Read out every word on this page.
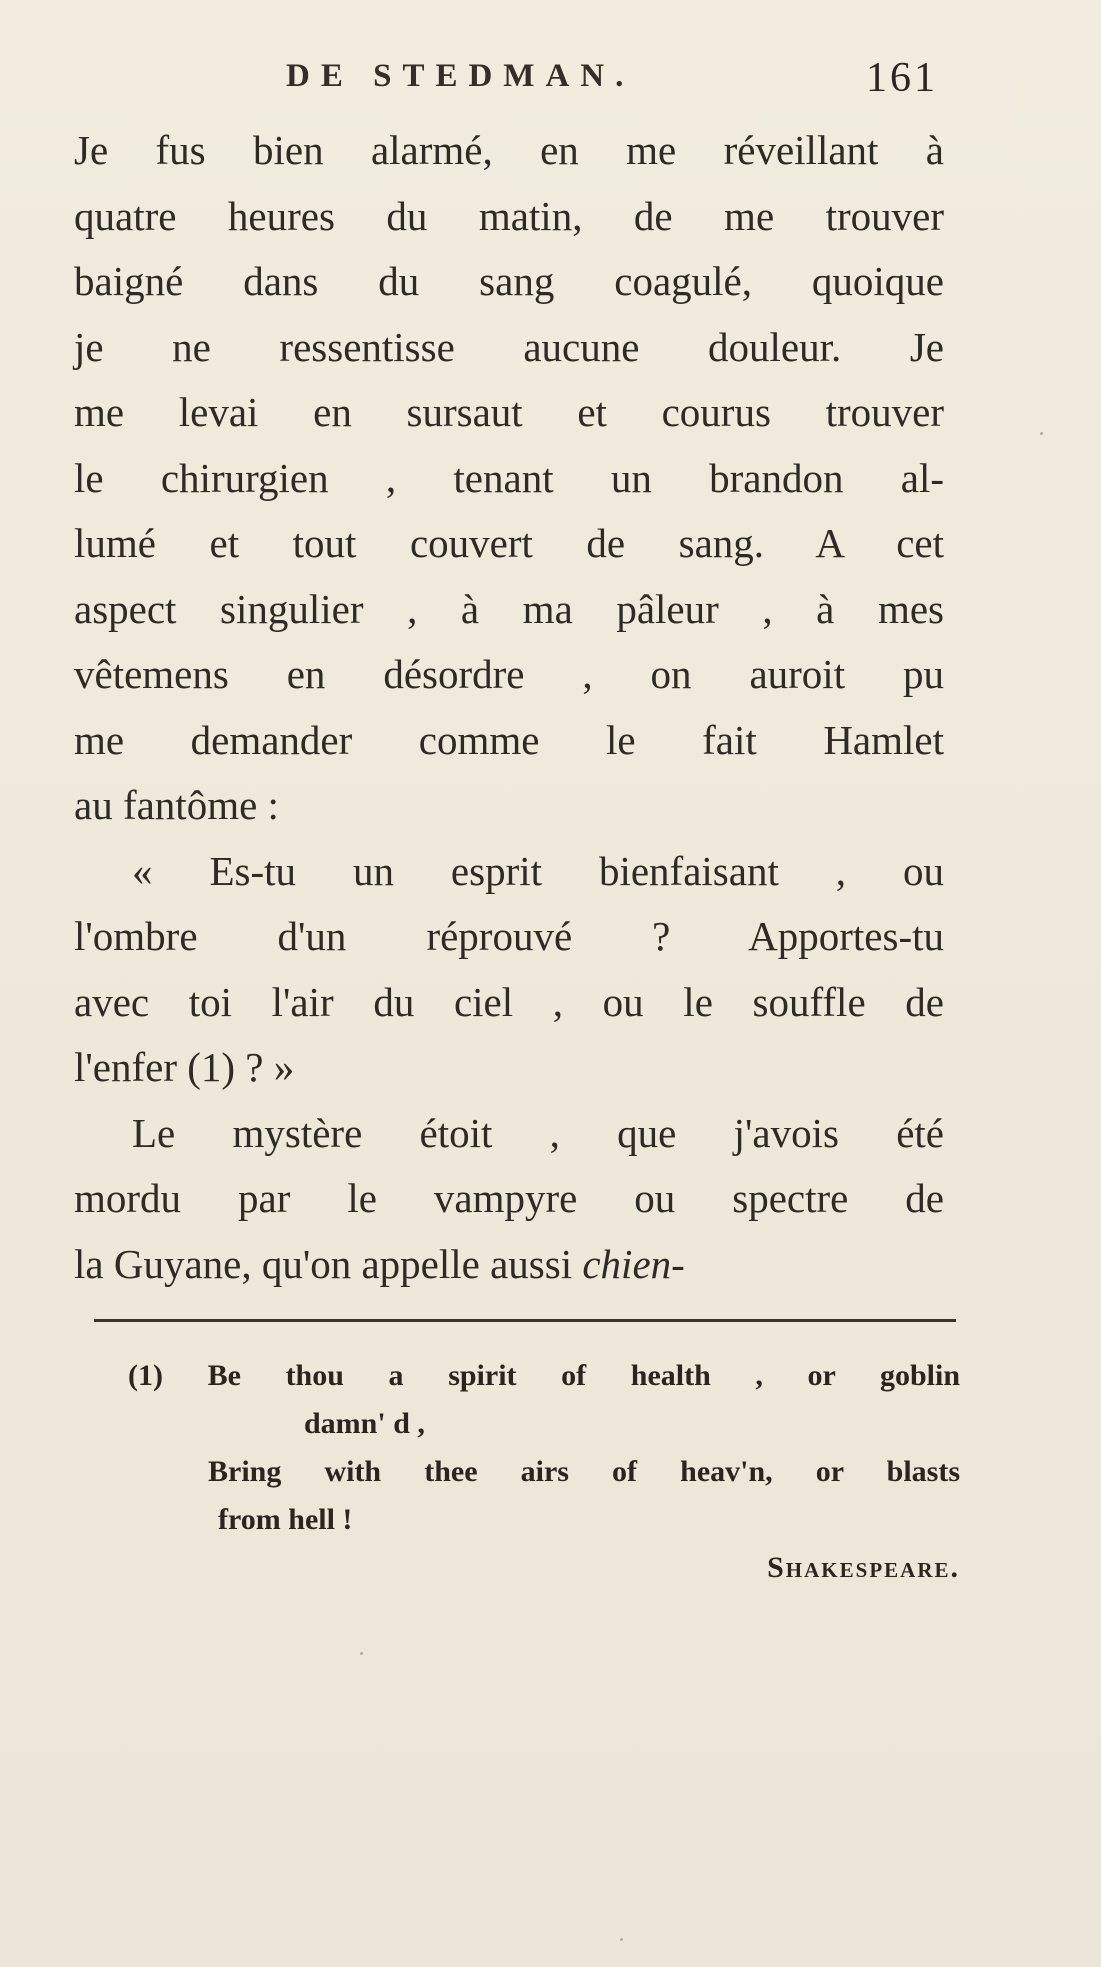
DE STEDMAN.	161
Je fus bien alarmé, en me réveillant à
quatre heures du matin, de me trouver
baigné dans du sang coagulé, quoique
je ne ressentisse aucune douleur. Je
me levai en sursaut et courus trouver
le chirurgien , tenant un brandon al-
lumé et tout couvert de sang. A cet
aspect singulier , à ma pâleur , à mes
vêtemens en désordre , on auroit pu
me demander comme le fait Hamlet
au fantôme :
« Es-tu un esprit bienfaisant , ou
l'ombre d'un réprouvé ? Apportes-tu
avec toi l'air du ciel , ou le souffle de
l'enfer (1) ? »
Le mystère étoit , que j'avois été
mordu par le vampyre ou spectre de
la Guyane, qu'on appelle aussi chien-
(1) Be thou a spirit of health , or goblin
damn' d ,
Bring with thee airs of heav'n, or blasts
from hell !
Shakespeare.
